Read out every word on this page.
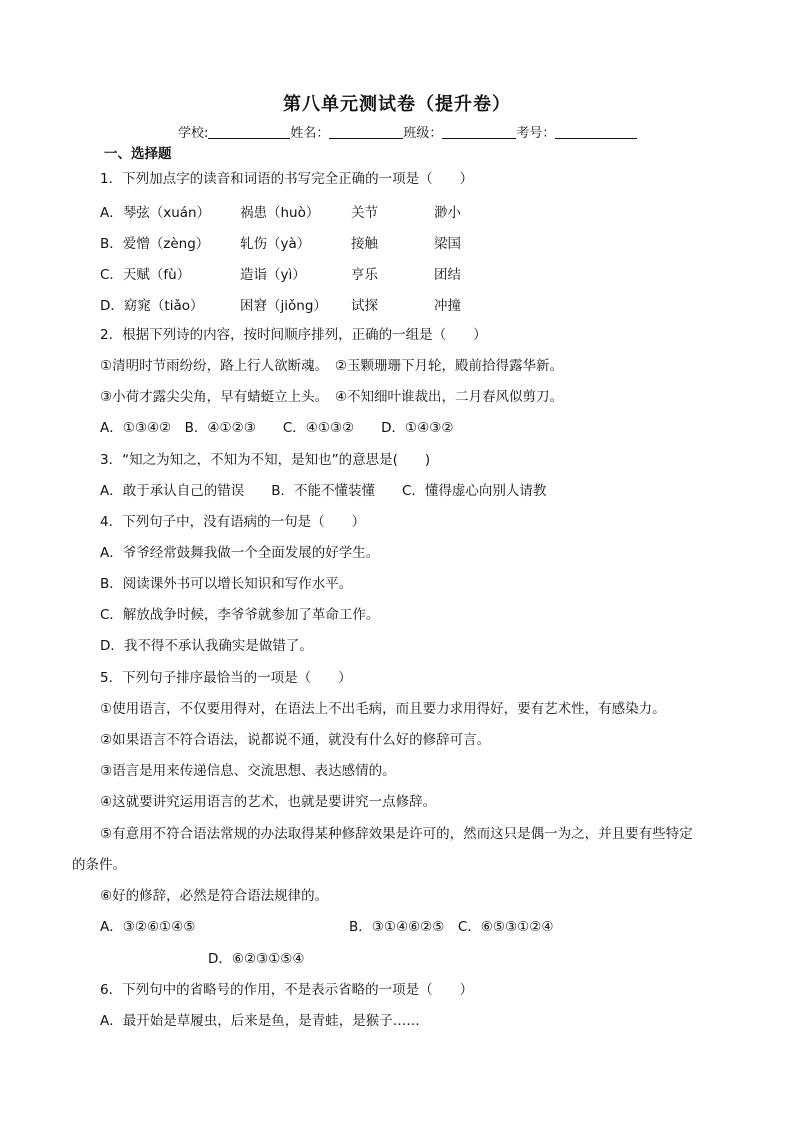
第八单元测试卷（提升卷）
学校:	姓名：	班级：	考号：
一、选择题
1．下列加点字的读音和词语的书写完全正确的一项是（　　）
A．琴弦（xuán） 祸患（huò） 关节	渺小
B．爱憎（zèng） 轧伤（yà）	接触	梁国
C．天赋（fù）	造诣（yì）	亨乐	团结
D．窈窕（tiǎo）	困窘（jiǒng） 试探	冲撞
2．根据下列诗的内容，按时间顺序排列，正确的一组是（　　）
①清明时节雨纷纷，路上行人欲断魂。　②玉颗珊珊下月轮，殿前拾得露华新。
③小荷才露尖尖角，早有蜻蜓立上头。　④不知细叶谁裁出，二月春风似剪刀。
A．①③④②　B．④①②③　　C．④①③②　　D．①④③②
3．“知之为知之，不知为不知，是知也”的意思是(　　)
A．敢于承认自己的错误　　B．不能不懂装懂　　C．懂得虚心向别人请教
4．下列句子中，没有语病的一句是（　　）
A．爷爷经常鼓舞我做一个全面发展的好学生。
B．阅读课外书可以增长知识和写作水平。
C．解放战争时候，李爷爷就参加了革命工作。
D．我不得不承认我确实是做错了。
5．下列句子排序最恰当的一项是（　　）
①使用语言，不仅要用得对，在语法上不出毛病，而且要力求用得好，要有艺术性，有感染力。
②如果语言不符合语法，说都说不通，就没有什么好的修辞可言。
③语言是用来传递信息、交流思想、表达感情的。
④这就要讲究运用语言的艺术，也就是要讲究一点修辞。
⑤有意用不符合语法常规的办法取得某种修辞效果是许可的，然而这只是偶一为之，并且要有些特定
的条件。
⑥好的修辞，必然是符合语法规律的。
A．③②⑥①④⑤	B．③①④⑥②⑤　C．⑥⑤③①②④
D．⑥②③①⑤④
6．下列句中的省略号的作用，不是表示省略的一项是（　　）
A．最开始是草履虫，后来是鱼，是青蛙，是猴子……
